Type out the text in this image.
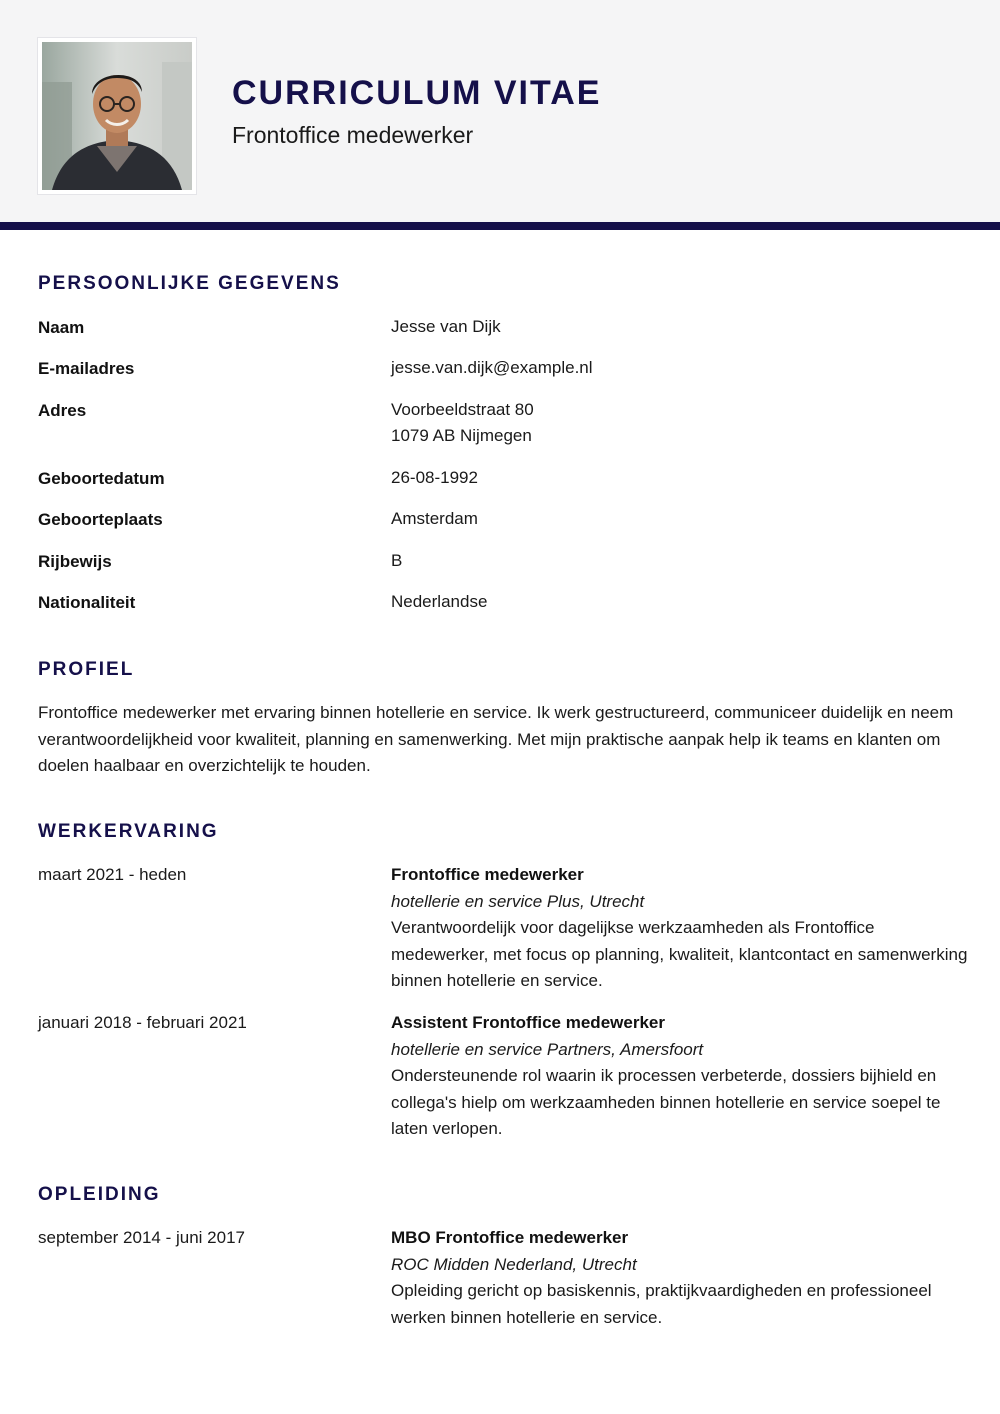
CURRICULUM VITAE
Frontoffice medewerker
PERSOONLIJKE GEGEVENS
Naam	Jesse van Dijk
E-mailadres	jesse.van.dijk@example.nl
Adres	Voorbeeldstraat 80
1079 AB Nijmegen
Geboortedatum	26-08-1992
Geboorteplaats	Amsterdam
Rijbewijs	B
Nationaliteit	Nederlandse
PROFIEL
Frontoffice medewerker met ervaring binnen hotellerie en service. Ik werk gestructureerd, communiceer duidelijk en neem verantwoordelijkheid voor kwaliteit, planning en samenwerking. Met mijn praktische aanpak help ik teams en klanten om doelen haalbaar en overzichtelijk te houden.
WERKERVARING
maart 2021 - heden	Frontoffice medewerker
hotellerie en service Plus, Utrecht
Verantwoordelijk voor dagelijkse werkzaamheden als Frontoffice medewerker, met focus op planning, kwaliteit, klantcontact en samenwerking binnen hotellerie en service.
januari 2018 - februari 2021	Assistent Frontoffice medewerker
hotellerie en service Partners, Amersfoort
Ondersteunende rol waarin ik processen verbeterde, dossiers bijhield en collega's hielp om werkzaamheden binnen hotellerie en service soepel te laten verlopen.
OPLEIDING
september 2014 - juni 2017	MBO Frontoffice medewerker
ROC Midden Nederland, Utrecht
Opleiding gericht op basiskennis, praktijkvaardigheden en professioneel werken binnen hotellerie en service.
